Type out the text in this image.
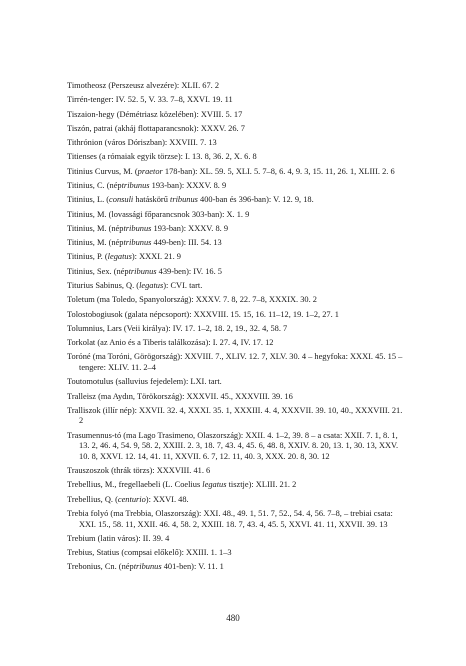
Timotheosz (Perszeusz alvezére): XLII. 67. 2
Tirrén-tenger: IV. 52. 5, V. 33. 7–8, XXVI. 19. 11
Tiszaion-hegy (Démétriasz közelében): XVIII. 5. 17
Tiszón, patrai (akháj flottaparancsnok): XXXV. 26. 7
Tithrónion (város Dóriszban): XXVIII. 7. 13
Titienses (a rómaiak egyik törzse): I. 13. 8, 36. 2, X. 6. 8
Titinius Curvus, M. (praetor 178-ban): XL. 59. 5, XLI. 5. 7–8, 6. 4, 9. 3, 15. 11, 26. 1, XLIII. 2. 6
Titinius, C. (néptribunus 193-ban): XXXV. 8. 9
Titinius, L. (consuli hatáskörű tribunus 400-ban és 396-ban): V. 12. 9, 18.
Titinius, M. (lovassági főparancsnok 303-ban): X. 1. 9
Titinius, M. (néptribunus 193-ban): XXXV. 8. 9
Titinius, M. (néptribunus 449-ben): III. 54. 13
Titinius, P. (legatus): XXXI. 21. 9
Titinius, Sex. (néptribunus 439-ben): IV. 16. 5
Titurius Sabinus, Q. (legatus): CVI. tart.
Toletum (ma Toledo, Spanyolország): XXXV. 7. 8, 22. 7–8, XXXIX. 30. 2
Tolostobogiusok (galata népcsoport): XXXVIII. 15. 15, 16. 11–12, 19. 1–2, 27. 1
Tolumnius, Lars (Veii királya): IV. 17. 1–2, 18. 2, 19., 32. 4, 58. 7
Torkolat (az Anio és a Tiberis találkozása): I. 27. 4, IV. 17. 12
Toróné (ma Toróni, Görögország): XXVIII. 7., XLIV. 12. 7, XLV. 30. 4 – hegyfoka: XXXI. 45. 15 – tengere: XLIV. 11. 2–4
Toutomotulus (salluvius fejedelem): LXI. tart.
Tralleisz (ma Aydın, Törökország): XXXVII. 45., XXXVIII. 39. 16
Tralliszok (illír nép): XXVII. 32. 4, XXXI. 35. 1, XXXIII. 4. 4, XXXVII. 39. 10, 40., XXXVIII. 21. 2
Trasumennus-tó (ma Lago Trasimeno, Olaszország): XXII. 4. 1–2, 39. 8 – a csata: XXII. 7. 1, 8. 1, 13. 2, 46. 4, 54. 9, 58. 2, XXIII. 2. 3, 18. 7, 43. 4, 45. 6, 48. 8, XXIV. 8. 20, 13. 1, 30. 13, XXV. 10. 8, XXVI. 12. 14, 41. 11, XXVII. 6. 7, 12. 11, 40. 3, XXX. 20. 8, 30. 12
Trauszoszok (thrák törzs): XXXVIII. 41. 6
Trebellius, M., fregellaebeli (L. Coelius legatus tisztje): XLIII. 21. 2
Trebellius, Q. (centurio): XXVI. 48.
Trebia folyó (ma Trebbia, Olaszország): XXI. 48., 49. 1, 51. 7, 52., 54. 4, 56. 7–8, – trebiai csata: XXI. 15., 58. 11, XXII. 46. 4, 58. 2, XXIII. 18. 7, 43. 4, 45. 5, XXVI. 41. 11, XXVII. 39. 13
Trebium (latin város): II. 39. 4
Trebius, Statius (compsai előkelő): XXIII. 1. 1–3
Trebonius, Cn. (néptribunus 401-ben): V. 11. 1
480
